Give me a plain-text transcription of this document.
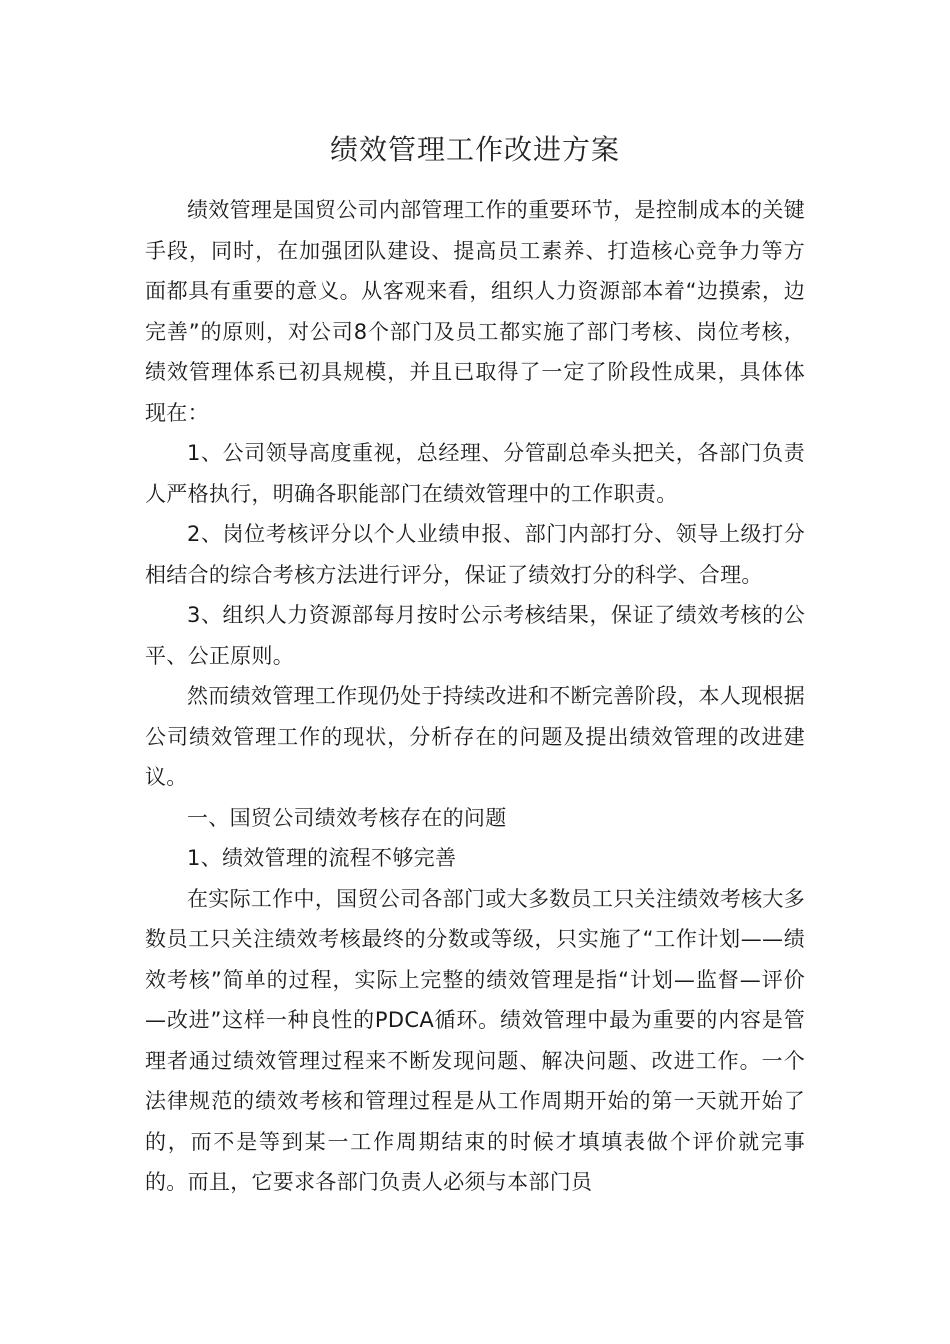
绩效管理工作改进方案

绩效管理是国贸公司内部管理工作的重要环节，是控制成本的关键手段，同时，在加强团队建设、提高员工素养、打造核心竞争力等方面都具有重要的意义。从客观来看，组织人力资源部本着“边摸索，边完善”的原则，对公司8个部门及员工都实施了部门考核、岗位考核，绩效管理体系已初具规模，并且已取得了一定了阶段性成果，具体体现在：

1、公司领导高度重视，总经理、分管副总牵头把关，各部门负责人严格执行，明确各职能部门在绩效管理中的工作职责。

2、岗位考核评分以个人业绩申报、部门内部打分、领导上级打分相结合的综合考核方法进行评分，保证了绩效打分的科学、合理。

3、组织人力资源部每月按时公示考核结果，保证了绩效考核的公平、公正原则。

然而绩效管理工作现仍处于持续改进和不断完善阶段，本人现根据公司绩效管理工作的现状，分析存在的问题及提出绩效管理的改进建议。

一、国贸公司绩效考核存在的问题

1、绩效管理的流程不够完善

在实际工作中，国贸公司各部门或大多数员工只关注绩效考核大多数员工只关注绩效考核最终的分数或等级，只实施了“工作计划——绩效考核”简单的过程，实际上完整的绩效管理是指“计划—监督—评价—改进”这样一种良性的PDCA循环。绩效管理中最为重要的内容是管理者通过绩效管理过程来不断发现问题、解决问题、改进工作。一个法律规范的绩效考核和管理过程是从工作周期开始的第一天就开始了的，而不是等到某一工作周期结束的时候才填填表做个评价就完事的。而且，它要求各部门负责人必须与本部门员
